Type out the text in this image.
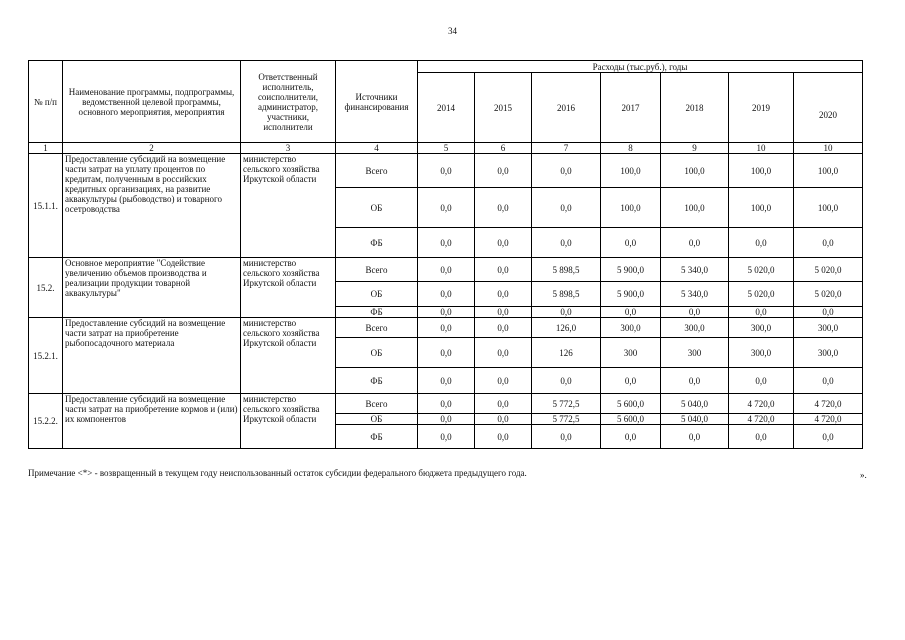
34
№ п/п	Наименование программы, подпрограммы, ведомственной целевой программы, основного мероприятия, мероприятия	Ответственный исполнитель, соисполнители, администратор, участники, исполнители	Источники финансирования	Расходы (тыс.руб.), годы						
				2014	2015	2016	2017	2018	2019	2020
1	2	3	4	5	6	7	8	9	10	10
15.1.1.	Предоставление субсидий на возмещение части затрат на уплату процентов по кредитам, полученным в российских кредитных организациях, на развитие аквакультуры (рыбоводство) и товарного осетроводства	министерство сельского хозяйства Иркутской области	Всего	0,0	0,0	0,0	100,0	100,0	100,0	100,0
			ОБ	0,0	0,0	0,0	100,0	100,0	100,0	100,0
			ФБ	0,0	0,0	0,0	0,0	0,0	0,0	0,0
15.2.	Основное мероприятие "Содействие увеличению объемов производства и реализации продукции товарной аквакультуры"	министерство сельского хозяйства Иркутской области	Всего	0,0	0,0	5 898,5	5 900,0	5 340,0	5 020,0	5 020,0
			ОБ	0,0	0,0	5 898,5	5 900,0	5 340,0	5 020,0	5 020,0
			ФБ	0,0	0,0	0,0	0,0	0,0	0,0	0,0
15.2.1.	Предоставление субсидий на возмещение части затрат на приобретение рыбопосадочного материала	министерство сельского хозяйства Иркутской области	Всего	0,0	0,0	126,0	300,0	300,0	300,0	300,0
			ОБ	0,0	0,0	126	300	300	300,0	300,0
			ФБ	0,0	0,0	0,0	0,0	0,0	0,0	0,0
15.2.2.	Предоставление субсидий на возмещение части затрат на приобретение кормов и (или) их компонентов	министерство сельского хозяйства Иркутской области	Всего	0,0	0,0	5 772,5	5 600,0	5 040,0	4 720,0	4 720,0
			ОБ	0,0	0,0	5 772,5	5 600,0	5 040,0	4 720,0	4 720,0
			ФБ	0,0	0,0	0,0	0,0	0,0	0,0	0,0
Примечание <*> - возвращенный в текущем году неиспользованный остаток субсидии федерального бюджета предыдущего года.	».
